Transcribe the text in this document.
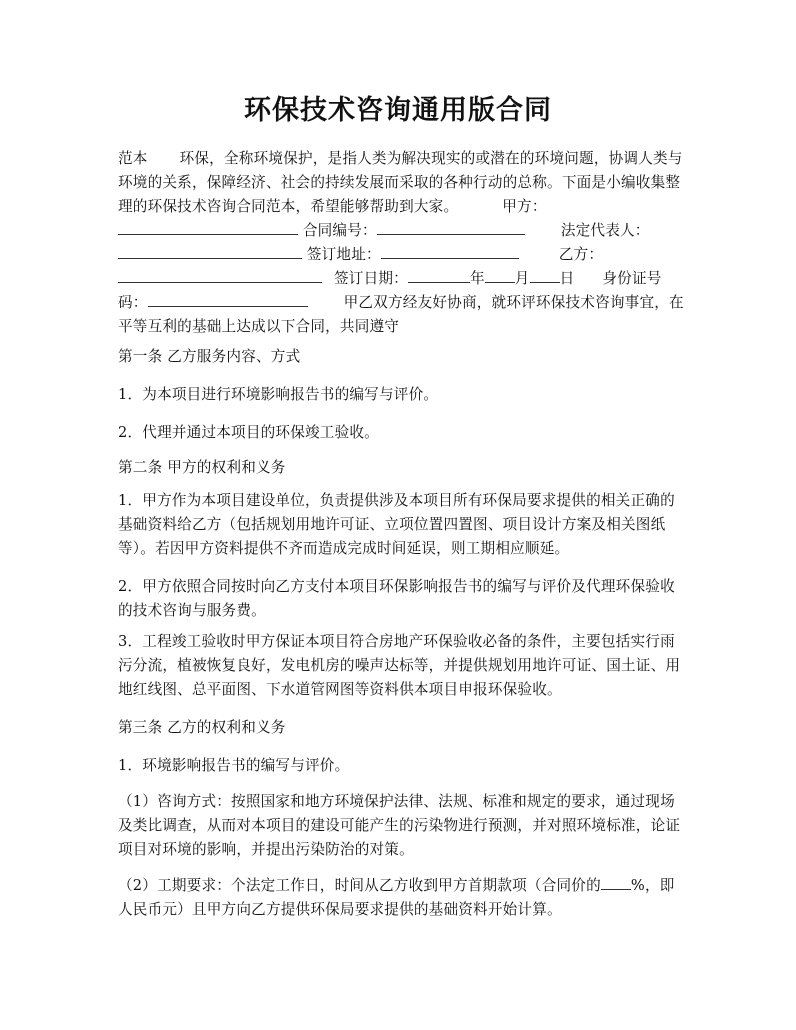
环保技术咨询通用版合同

范本 环保，全称环境保护，是指人类为解决现实的或潜在的环境问题，协调人类与环境的关系，保障经济、社会的持续发展而采取的各种行动的总称。下面是小编收集整理的环保技术咨询合同范本，希望能够帮助到大家。	甲方：
合同编号：	法定代表人： 签订地址：	乙方：
签订日期：	年 月 日 身份证号码：	甲乙双方经友好协商，就环评环保技术咨询事宜，在平等互利的基础上达成以下合同，共同遵守

第一条 乙方服务内容、方式

1．为本项目进行环境影响报告书的编写与评价。

2．代理并通过本项目的环保竣工验收。

第二条 甲方的权利和义务

1．甲方作为本项目建设单位，负责提供涉及本项目所有环保局要求提供的相关正确的基础资料给乙方（包括规划用地许可证、立项位置四置图、项目设计方案及相关图纸等）。若因甲方资料提供不齐而造成完成时间延误，则工期相应顺延。

2．甲方依照合同按时向乙方支付本项目环保影响报告书的编写与评价及代理环保验收的技术咨询与服务费。

3．工程竣工验收时甲方保证本项目符合房地产环保验收必备的条件，主要包括实行雨污分流，植被恢复良好，发电机房的噪声达标等，并提供规划用地许可证、国土证、用地红线图、总平面图、下水道管网图等资料供本项目申报环保验收。

第三条 乙方的权利和义务

1．环境影响报告书的编写与评价。

（1）咨询方式：按照国家和地方环境保护法律、法规、标准和规定的要求，通过现场及类比调查，从而对本项目的建设可能产生的污染物进行预测，并对照环境标准，论证项目对环境的影响，并提出污染防治的对策。

（2）工期要求：个法定工作日，时间从乙方收到甲方首期款项（合同价的 %，即人民币元）且甲方向乙方提供环保局要求提供的基础资料开始计算。
